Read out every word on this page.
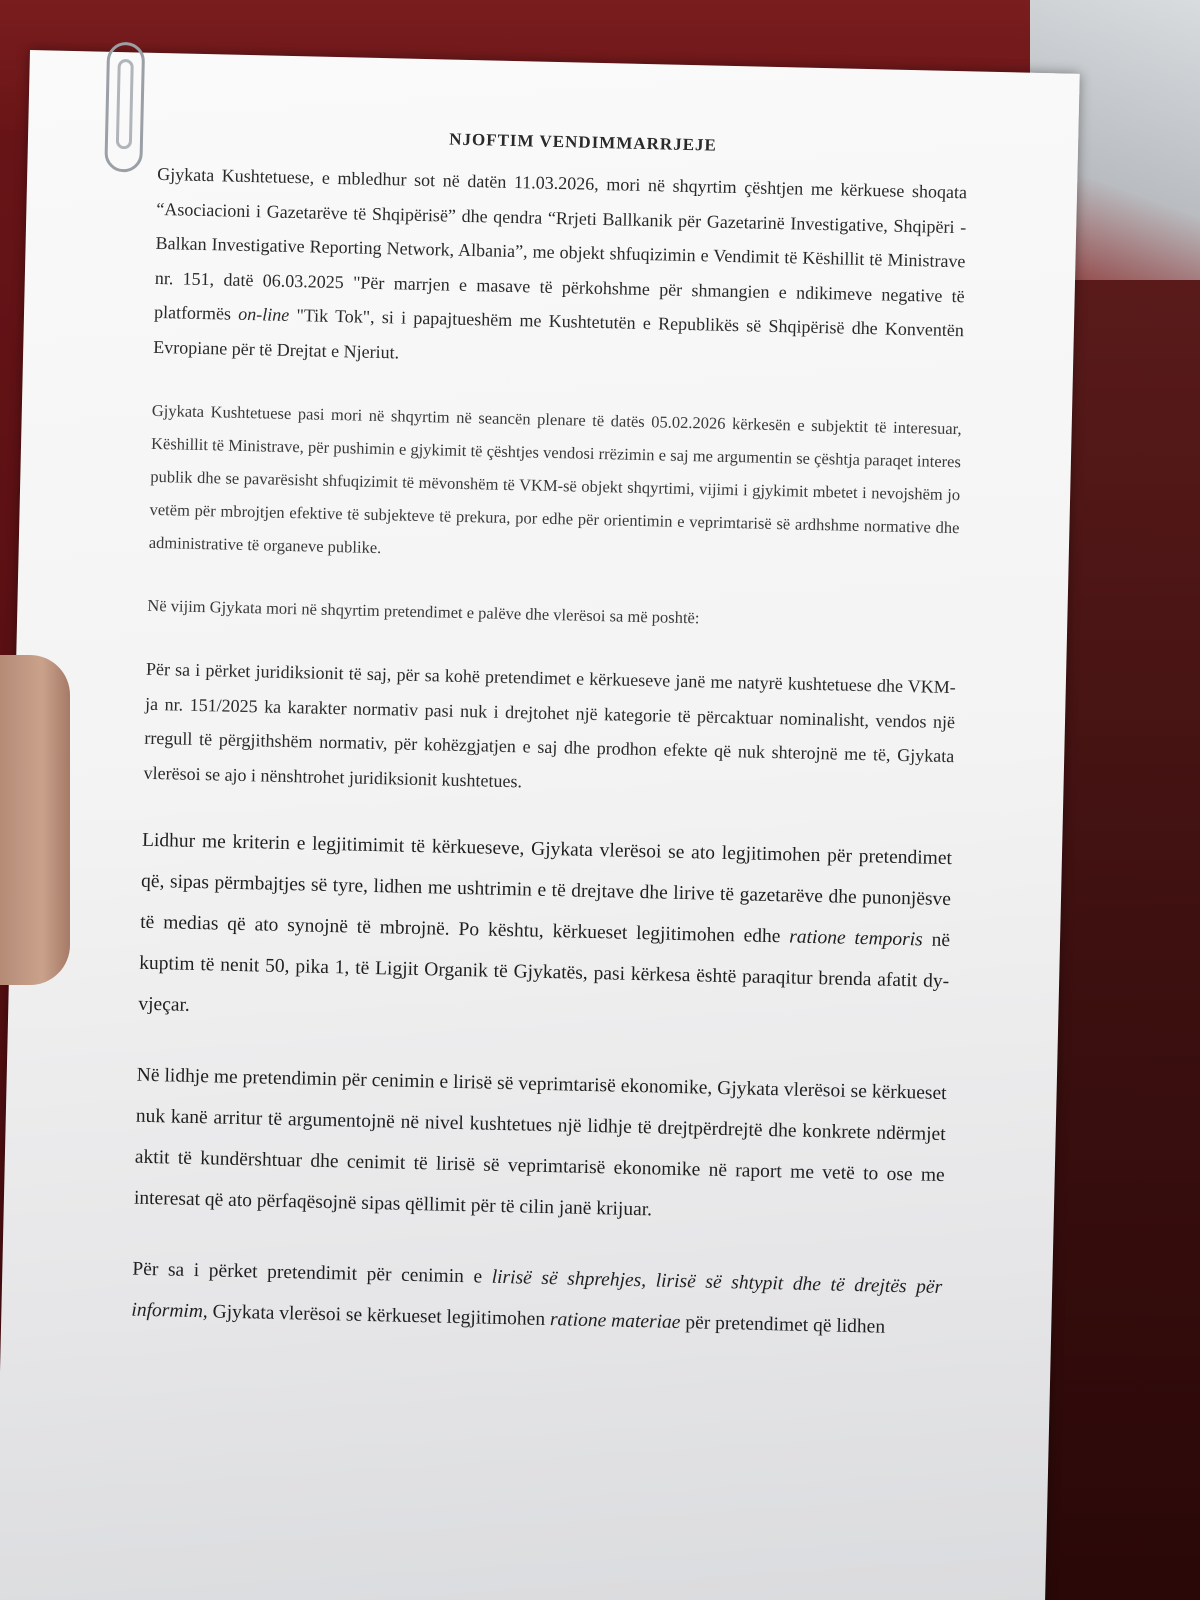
NJOFTIM VENDIMMARRJEJE

Gjykata Kushtetuese, e mbledhur sot në datën 11.03.2026, mori në shqyrtim çështjen me kërkuese shoqata “Asociacioni i Gazetarëve të Shqipërisë” dhe qendra “Rrjeti Ballkanik për Gazetarinë Investigative, Shqipëri - Balkan Investigative Reporting Network, Albania”, me objekt shfuqizimin e Vendimit të Këshillit të Ministrave nr. 151, datë 06.03.2025 "Për marrjen e masave të përkohshme për shmangien e ndikimeve negative të platformës on-line "Tik Tok", si i papajtueshëm me Kushtetutën e Republikës së Shqipërisë dhe Konventën Evropiane për të Drejtat e Njeriut.

Gjykata Kushtetuese pasi mori në shqyrtim në seancën plenare të datës 05.02.2026 kërkesën e subjektit të interesuar, Këshillit të Ministrave, për pushimin e gjykimit të çështjes vendosi rrëzimin e saj me argumentin se çështja paraqet interes publik dhe se pavarësisht shfuqizimit të mëvonshëm të VKM-së objekt shqyrtimi, vijimi i gjykimit mbetet i nevojshëm jo vetëm për mbrojtjen efektive të subjekteve të prekura, por edhe për orientimin e veprimtarisë së ardhshme normative dhe administrative të organeve publike.

Në vijim Gjykata mori në shqyrtim pretendimet e palëve dhe vlerësoi sa më poshtë:

Për sa i përket juridiksionit të saj, për sa kohë pretendimet e kërkueseve janë me natyrë kushtetuese dhe VKM-ja nr. 151/2025 ka karakter normativ pasi nuk i drejtohet një kategorie të përcaktuar nominalisht, vendos një rregull të përgjithshëm normativ, për kohëzgjatjen e saj dhe prodhon efekte që nuk shterojnë me të, Gjykata vlerësoi se ajo i nënshtrohet juridiksionit kushtetues.

Lidhur me kriterin e legjitimimit të kërkueseve, Gjykata vlerësoi se ato legjitimohen për pretendimet që, sipas përmbajtjes së tyre, lidhen me ushtrimin e të drejtave dhe lirive të gazetarëve dhe punonjësve të medias që ato synojnë të mbrojnë. Po kështu, kërkueset legjitimohen edhe ratione temporis në kuptim të nenit 50, pika 1, të Ligjit Organik të Gjykatës, pasi kërkesa është paraqitur brenda afatit dy-vjeçar.

Në lidhje me pretendimin për cenimin e lirisë së veprimtarisë ekonomike, Gjykata vlerësoi se kërkueset nuk kanë arritur të argumentojnë në nivel kushtetues një lidhje të drejtpërdrejtë dhe konkrete ndërmjet aktit të kundërshtuar dhe cenimit të lirisë së veprimtarisë ekonomike në raport me vetë to ose me interesat që ato përfaqësojnë sipas qëllimit për të cilin janë krijuar.

Për sa i përket pretendimit për cenimin e lirisë së shprehjes, lirisë së shtypit dhe të drejtës për informim, Gjykata vlerësoi se kërkueset legjitimohen ratione materiae për pretendimet që lidhen
